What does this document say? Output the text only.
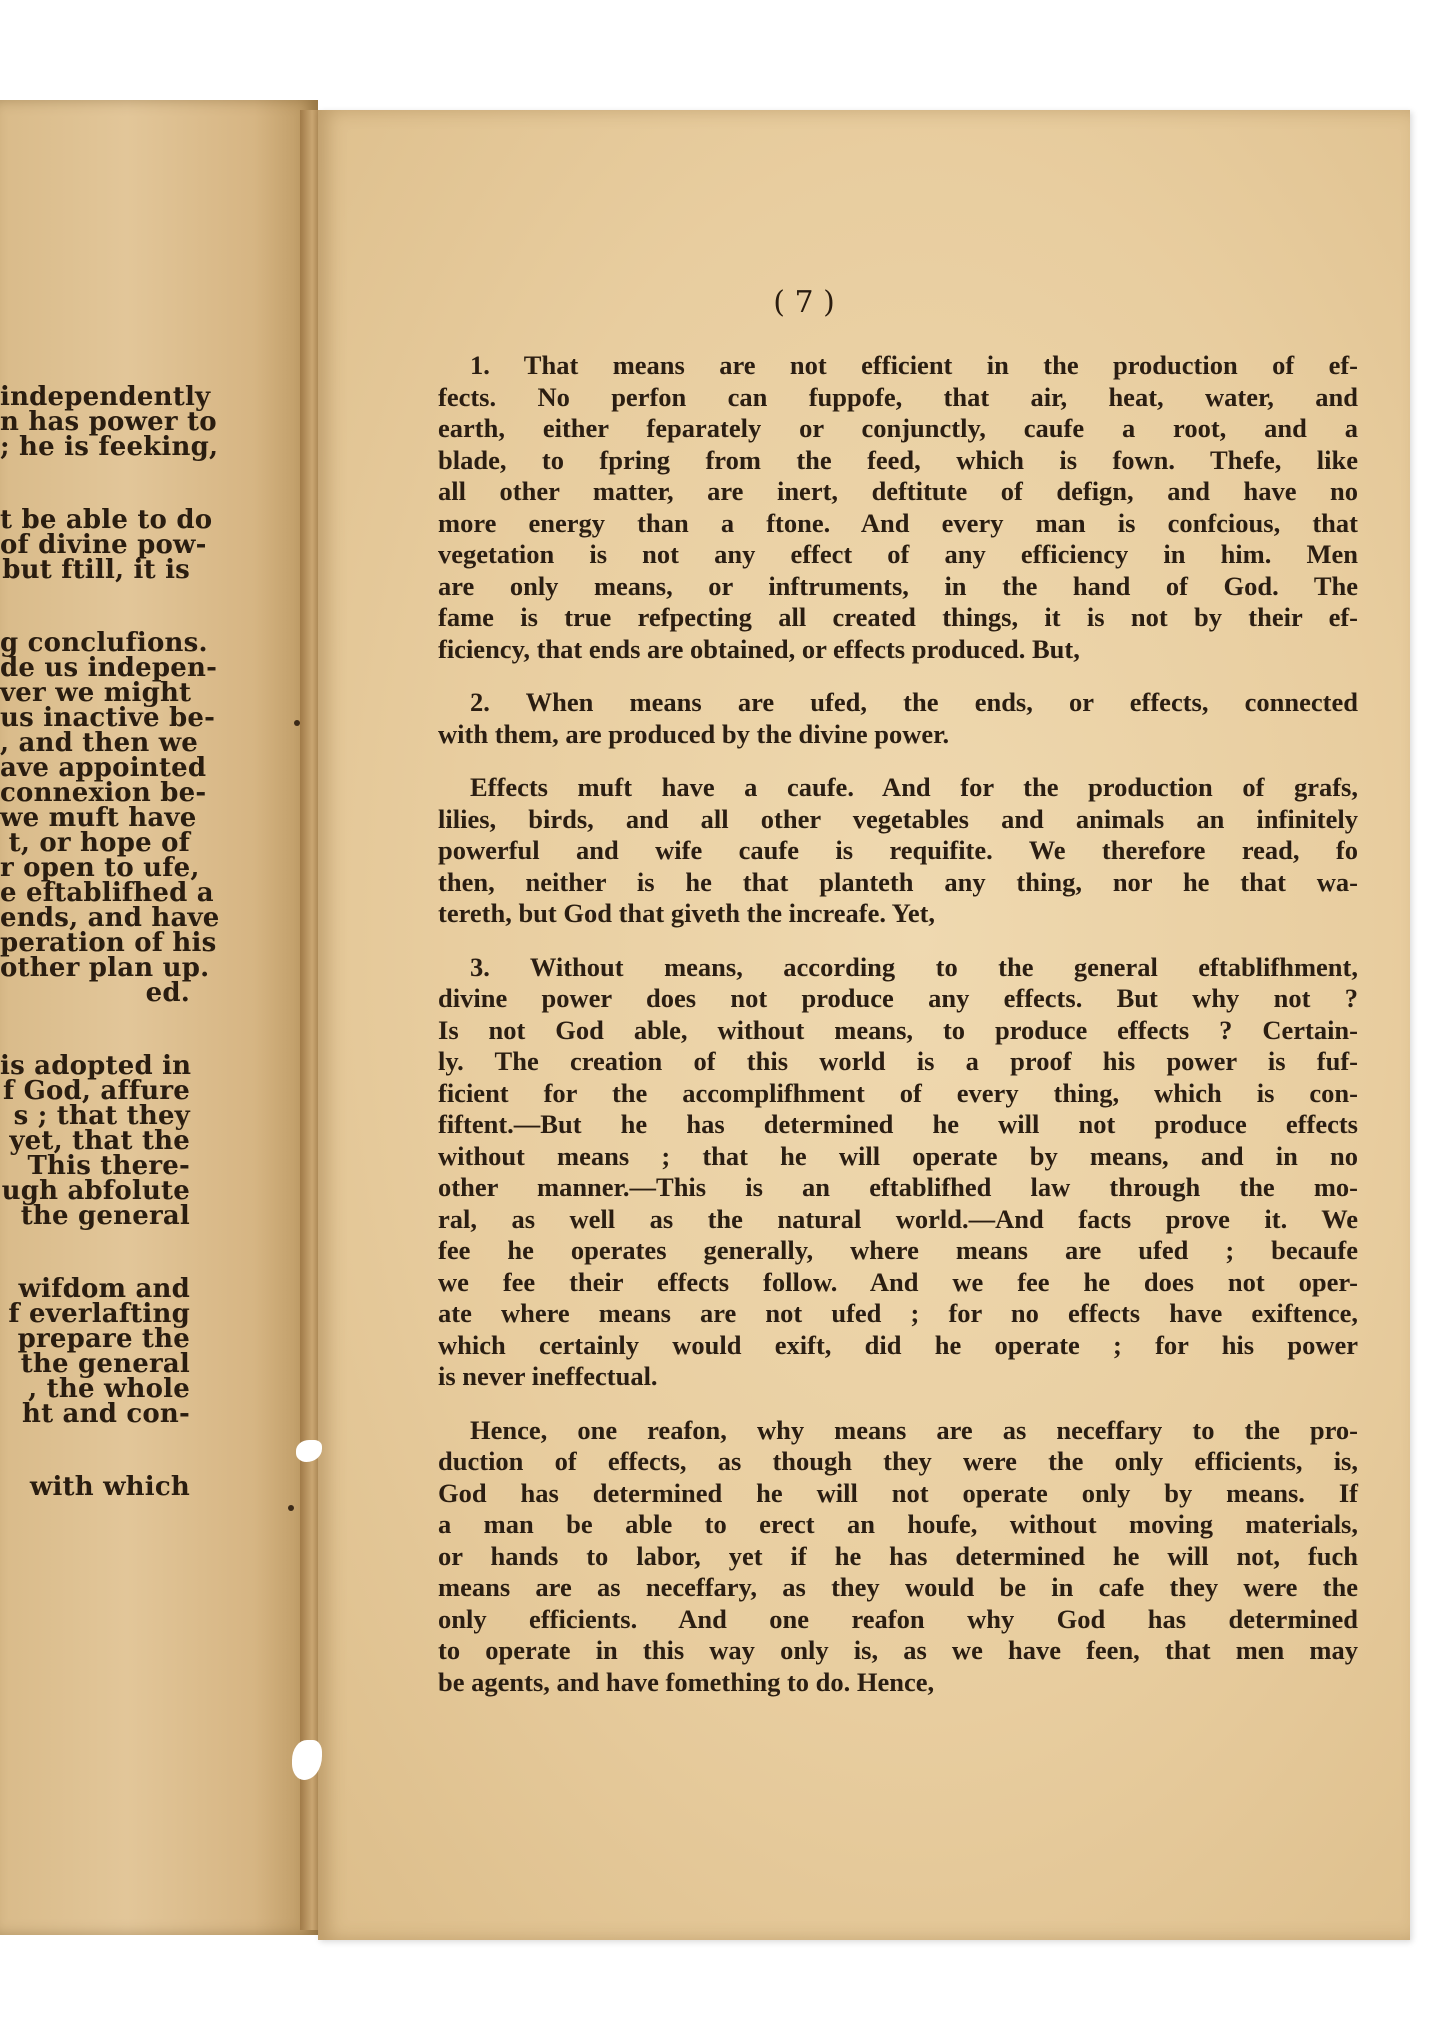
independently
n has power to
; he is feeking,
t be able to do
of divine pow-
but ftill, it is
g conclufions.
de us indepen-
ver we might
us inactive be-
, and then we
ave appointed
connexion be-
we muft have
t, or hope of
r open to ufe,
e eftablifhed a
ends, and have
peration of his
other plan up.
ed.
is adopted in
f God, affure
s ; that they
yet, that the
This there-
ugh abfolute
the general
wifdom and
f everlafting
prepare the
the general
, the whole
ht and con-
with which
( 7 )
1. That means are not efficient in the production of ef-
fects. No perfon can fuppofe, that air, heat, water, and
earth, either feparately or conjunctly, caufe a root, and a
blade, to fpring from the feed, which is fown. Thefe, like
all other matter, are inert, deftitute of defign, and have no
more energy than a ftone. And every man is confcious, that
vegetation is not any effect of any efficiency in him. Men
are only means, or inftruments, in the hand of God. The
fame is true refpecting all created things, it is not by their ef-
ficiency, that ends are obtained, or effects produced. But,
2. When means are ufed, the ends, or effects, connected
with them, are produced by the divine power.
Effects muft have a caufe. And for the production of grafs,
lilies, birds, and all other vegetables and animals an infinitely
powerful and wife caufe is requifite. We therefore read, fo
then, neither is he that planteth any thing, nor he that wa-
tereth, but God that giveth the increafe. Yet,
3. Without means, according to the general eftablifhment,
divine power does not produce any effects. But why not ?
Is not God able, without means, to produce effects ? Certain-
ly. The creation of this world is a proof his power is fuf-
ficient for the accomplifhment of every thing, which is con-
fiftent.—But he has determined he will not produce effects
without means ; that he will operate by means, and in no
other manner.—This is an eftablifhed law through the mo-
ral, as well as the natural world.—And facts prove it. We
fee he operates generally, where means are ufed ; becaufe
we fee their effects follow. And we fee he does not oper-
ate where means are not ufed ; for no effects have exiftence,
which certainly would exift, did he operate ; for his power
is never ineffectual.
Hence, one reafon, why means are as neceffary to the pro-
duction of effects, as though they were the only efficients, is,
God has determined he will not operate only by means. If
a man be able to erect an houfe, without moving materials,
or hands to labor, yet if he has determined he will not, fuch
means are as neceffary, as they would be in cafe they were the
only efficients. And one reafon why God has determined
to operate in this way only is, as we have feen, that men may
be agents, and have fomething to do. Hence,
